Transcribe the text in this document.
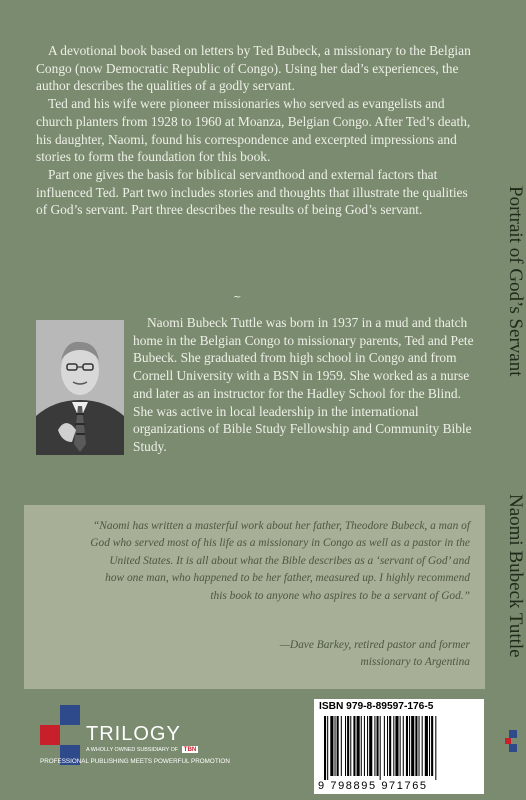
A devotional book based on letters by Ted Bubeck, a missionary to the Belgian Congo (now Democratic Republic of Congo). Using her dad’s experiences, the author describes the qualities of a godly servant.

Ted and his wife were pioneer missionaries who served as evangelists and church planters from 1928 to 1960 at Moanza, Belgian Congo. After Ted’s death, his daughter, Naomi, found his correspondence and excerpted impressions and stories to form the foundation for this book.

Part one gives the basis for biblical servanthood and external factors that influenced Ted. Part two includes stories and thoughts that illustrate the qualities of God’s servant. Part three describes the results of being God’s servant.

~
Naomi Bubeck Tuttle was born in 1937 in a mud and thatch home in the Belgian Congo to missionary parents, Ted and Pete Bubeck. She graduated from high school in Congo and from Cornell University with a BSN in 1959. She worked as a nurse and later as an instructor for the Hadley School for the Blind. She was active in local leadership in the international organizations of Bible Study Fellowship and Community Bible Study.

“Naomi has written a masterful work about her father, Theodore Bubeck, a man of God who served most of his life as a missionary in Congo as well as a pastor in the United States. It is all about what the Bible describes as a ‘servant of God’ and how one man, who happened to be her father, measured up. I highly recommend this book to anyone who aspires to be a servant of God.”

—Dave Barkey, retired pastor and former missionary to Argentina
Portrait of God’s Servant
Naomi Bubeck Tuttle
TRILOGY
A WHOLLY OWNED SUBSIDIARY OF TBN
PROFESSIONAL PUBLISHING MEETS POWERFUL PROMOTION
ISBN 979-8-89597-176-5
9 798895 971765
